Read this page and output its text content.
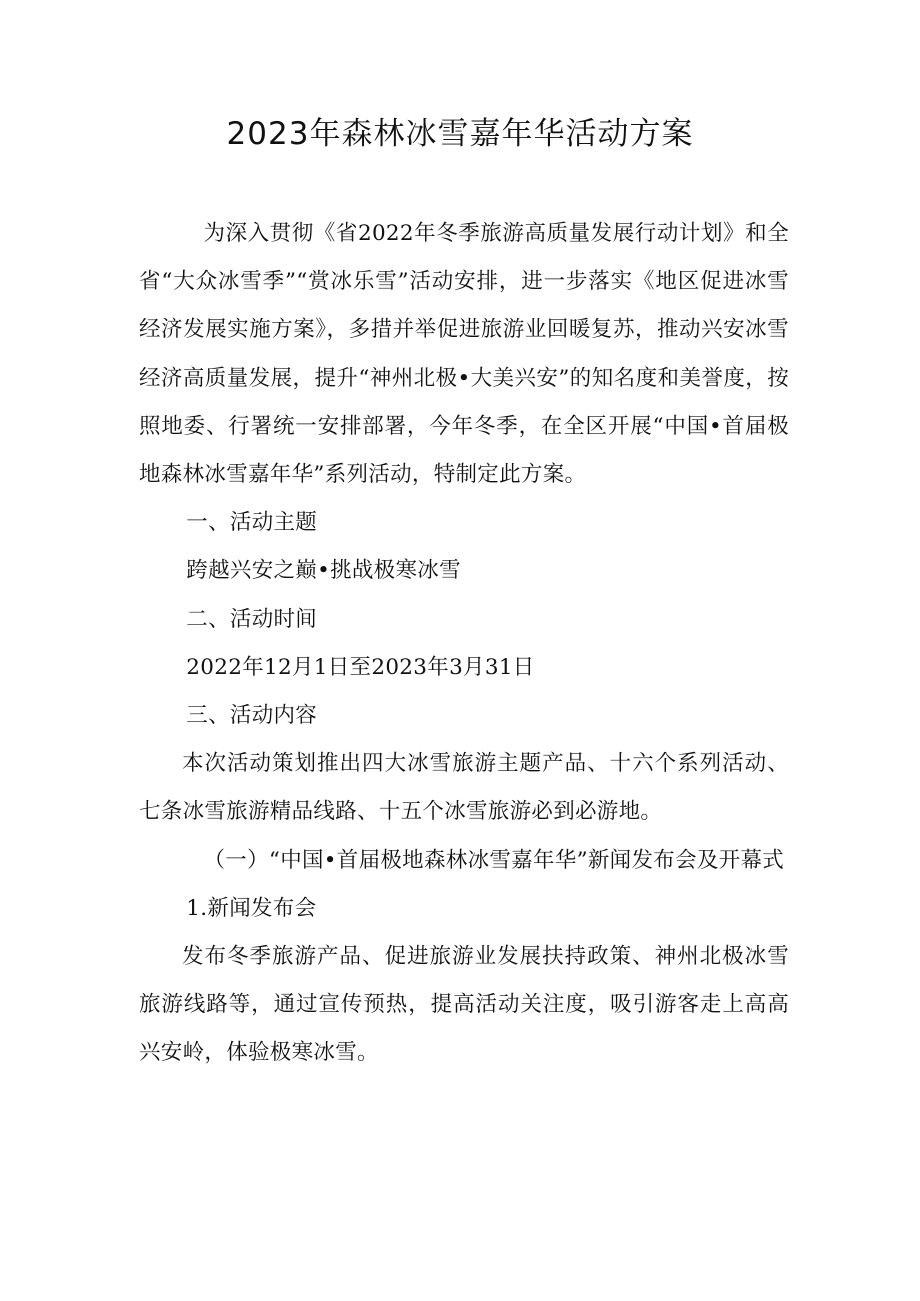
2023年森林冰雪嘉年华活动方案

为深入贯彻《省2022年冬季旅游高质量发展行动计划》和全省“大众冰雪季”“赏冰乐雪”活动安排，进一步落实《地区促进冰雪经济发展实施方案》，多措并举促进旅游业回暖复苏，推动兴安冰雪经济高质量发展，提升“神州北极•大美兴安”的知名度和美誉度，按照地委、行署统一安排部署，今年冬季，在全区开展“中国•首届极地森林冰雪嘉年华”系列活动，特制定此方案。

一、活动主题

跨越兴安之巅•挑战极寒冰雪

二、活动时间

2022年12月1日至2023年3月31日

三、活动内容

本次活动策划推出四大冰雪旅游主题产品、十六个系列活动、七条冰雪旅游精品线路、十五个冰雪旅游必到必游地。

（一）“中国•首届极地森林冰雪嘉年华”新闻发布会及开幕式

1.新闻发布会

发布冬季旅游产品、促进旅游业发展扶持政策、神州北极冰雪旅游线路等，通过宣传预热，提高活动关注度，吸引游客走上高高兴安岭，体验极寒冰雪。
